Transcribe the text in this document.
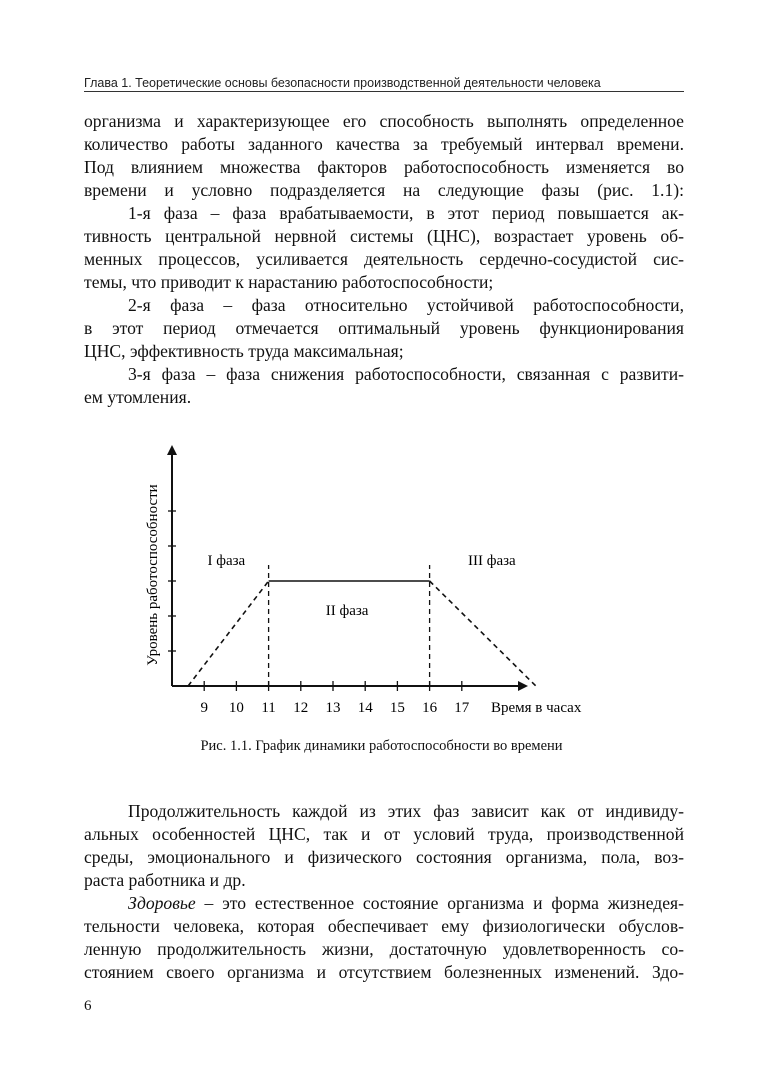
Глава 1. Теоретические основы безопасности производственной деятельности человека
организма и характеризующее его способность выполнять определенное
количество работы заданного качества за требуемый интервал времени.
Под влиянием множества факторов работоспособность изменяется во
времени и условно подразделяется на следующие фазы (рис. 1.1):
1-я фаза – фаза врабатываемости, в этот период повышается ак-
тивность центральной нервной системы (ЦНС), возрастает уровень об-
менных процессов, усиливается деятельность сердечно-сосудистой сис-
темы, что приводит к нарастанию работоспособности;
2-я фаза – фаза относительно устойчивой работоспособности,
в этот период отмечается оптимальный уровень функционирования
ЦНС, эффективность труда максимальная;
3-я фаза – фаза снижения работоспособности, связанная с развити-
ем утомления.
9 10 11 12 13 14 15 16 17
I фаза
II фаза
III фаза
Время в часах
Уровень работоспособности
Рис. 1.1. График динамики работоспособности во времени
Продолжительность каждой из этих фаз зависит как от индивиду-
альных особенностей ЦНС, так и от условий труда, производственной
среды, эмоционального и физического состояния организма, пола, воз-
раста работника и др.
Здоровье – это естественное состояние организма и форма жизнедея-
тельности человека, которая обеспечивает ему физиологически обуслов-
ленную продолжительность жизни, достаточную удовлетворенность со-
стоянием своего организма и отсутствием болезненных изменений. Здо-
6
